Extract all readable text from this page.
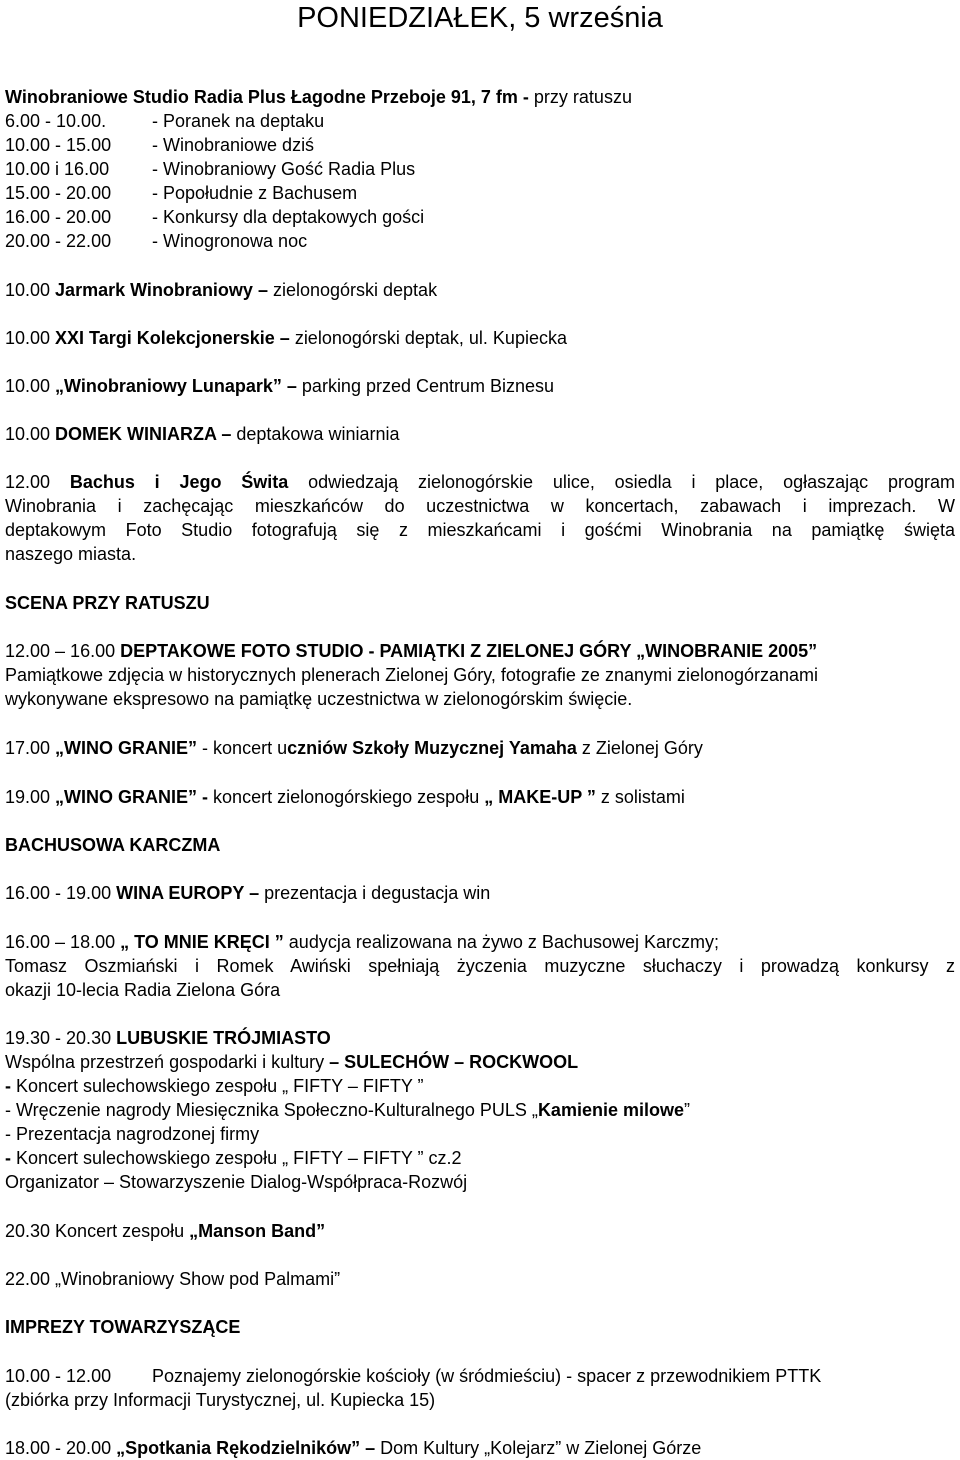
PONIEDZIAŁEK, 5 września
Winobraniowe Studio Radia Plus Łagodne Przeboje 91, 7 fm - przy ratuszu
6.00 - 10.00.	- Poranek na deptaku
10.00 - 15.00 - Winobraniowe dziś
10.00 i 16.00 - Winobraniowy Gość Radia Plus
15.00 - 20.00 - Popołudnie z Bachusem
16.00 - 20.00 - Konkursy dla deptakowych gości
20.00 - 22.00 - Winogronowa noc
10.00 Jarmark Winobraniowy – zielonogórski deptak
10.00 XXI Targi Kolekcjonerskie – zielonogórski deptak, ul. Kupiecka
10.00 „Winobraniowy Lunapark” – parking przed Centrum Biznesu
10.00 DOMEK WINIARZA – deptakowa winiarnia
12.00 Bachus i Jego Świta odwiedzają zielonogórskie ulice, osiedla i place, ogłaszając program
Winobrania i zachęcając mieszkańców do uczestnictwa w koncertach, zabawach i imprezach. W
deptakowym Foto Studio fotografują się z mieszkańcami i gośćmi Winobrania na pamiątkę święta
naszego miasta.
SCENA PRZY RATUSZU
12.00 – 16.00 DEPTAKOWE FOTO STUDIO - PAMIĄTKI Z ZIELONEJ GÓRY „WINOBRANIE 2005”
Pamiątkowe zdjęcia w historycznych plenerach Zielonej Góry, fotografie ze znanymi zielonogórzanami
wykonywane ekspresowo na pamiątkę uczestnictwa w zielonogórskim święcie.
17.00 „WINO GRANIE” - koncert uczniów Szkoły Muzycznej Yamaha z Zielonej Góry
19.00 „WINO GRANIE” - koncert zielonogórskiego zespołu „ MAKE-UP ” z solistami
BACHUSOWA KARCZMA
16.00 - 19.00 WINA EUROPY – prezentacja i degustacja win
16.00 – 18.00 „ TO MNIE KRĘCI ” audycja realizowana na żywo z Bachusowej Karczmy;
Tomasz Oszmiański i Romek Awiński spełniają życzenia muzyczne słuchaczy i prowadzą konkursy z
okazji 10-lecia Radia Zielona Góra
19.30 - 20.30 LUBUSKIE TRÓJMIASTO
Wspólna przestrzeń gospodarki i kultury – SULECHÓW – ROCKWOOL
- Koncert sulechowskiego zespołu „ FIFTY – FIFTY ”
- Wręczenie nagrody Miesięcznika Społeczno-Kulturalnego PULS „Kamienie milowe”
- Prezentacja nagrodzonej firmy
- Koncert sulechowskiego zespołu „ FIFTY – FIFTY ” cz.2
Organizator – Stowarzyszenie Dialog-Współpraca-Rozwój
20.30 Koncert zespołu „Manson Band”
22.00 „Winobraniowy Show pod Palmami”
IMPREZY TOWARZYSZĄCE
10.00 - 12.00 Poznajemy zielonogórskie kościoły (w śródmieściu) - spacer z przewodnikiem PTTK
(zbiórka przy Informacji Turystycznej, ul. Kupiecka 15)
18.00 - 20.00 „Spotkania Rękodzielników” – Dom Kultury „Kolejarz” w Zielonej Górze
